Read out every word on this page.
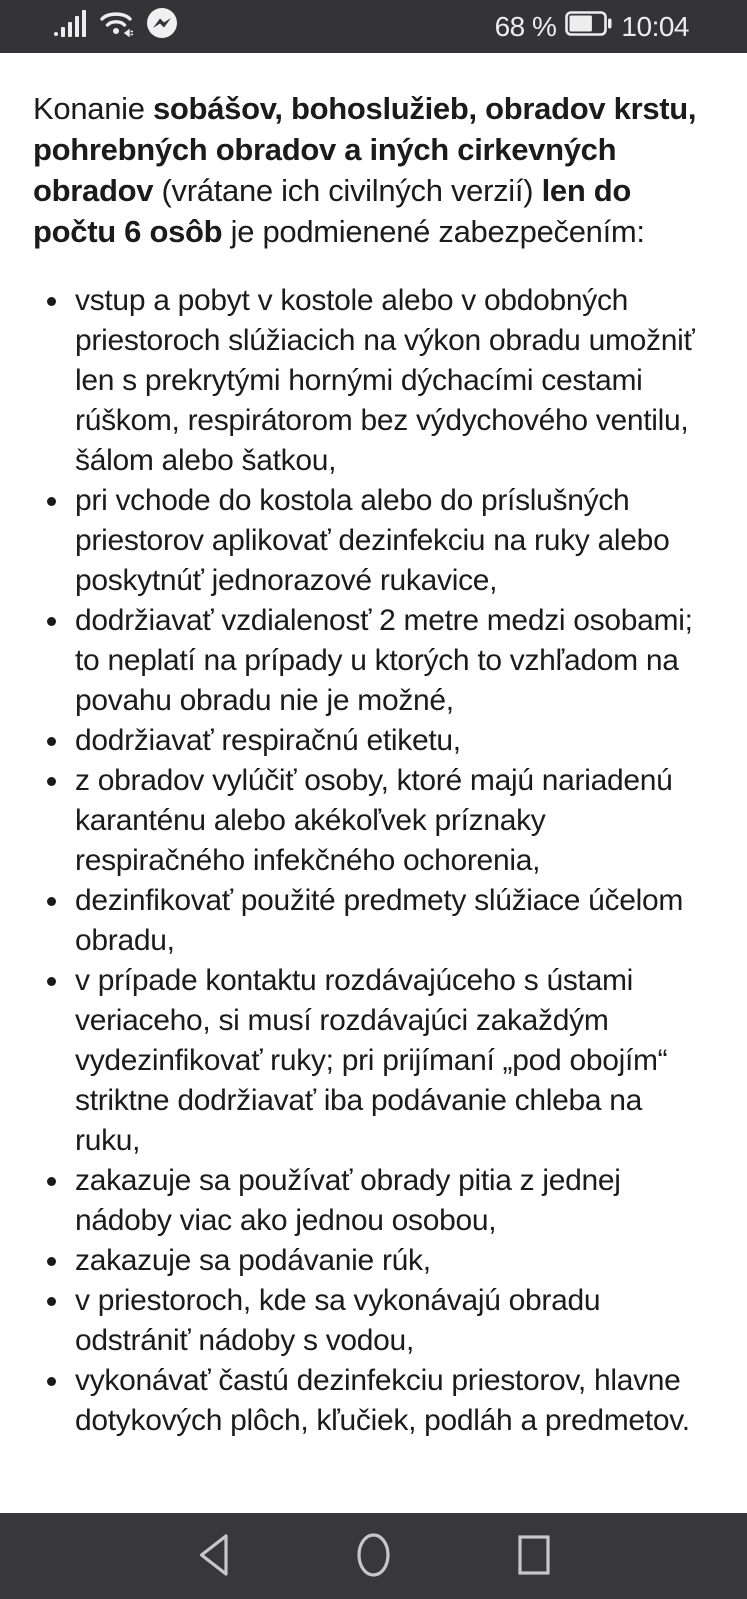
68 % 10:04

Konanie sobášov, bohoslužieb, obradov krstu, pohrebných obradov a iných cirkevných obradov (vrátane ich civilných verzií) len do počtu 6 osôb je podmienené zabezpečením:

vstup a pobyt v kostole alebo v obdobných priestoroch slúžiacich na výkon obradu umožniť len s prekrytými hornými dýchacími cestami rúškom, respirátorom bez výdychového ventilu, šálom alebo šatkou,
pri vchode do kostola alebo do príslušných priestorov aplikovať dezinfekciu na ruky alebo poskytnúť jednorazové rukavice,
dodržiavať vzdialenosť 2 metre medzi osobami; to neplatí na prípady u ktorých to vzhľadom na povahu obradu nie je možné,
dodržiavať respiračnú etiketu,
z obradov vylúčiť osoby, ktoré majú nariadenú karanténu alebo akékoľvek príznaky respiračného infekčného ochorenia,
dezinfikovať použité predmety slúžiace účelom obradu,
v prípade kontaktu rozdávajúceho s ústami veriaceho, si musí rozdávajúci zakaždým vydezinfikovať ruky; pri prijímaní „pod obojím“ striktne dodržiavať iba podávanie chleba na ruku,
zakazuje sa používať obrady pitia z jednej nádoby viac ako jednou osobou,
zakazuje sa podávanie rúk,
v priestoroch, kde sa vykonávajú obradu odstrániť nádoby s vodou,
vykonávať častú dezinfekciu priestorov, hlavne dotykových plôch, kľučiek, podláh a predmetov.
